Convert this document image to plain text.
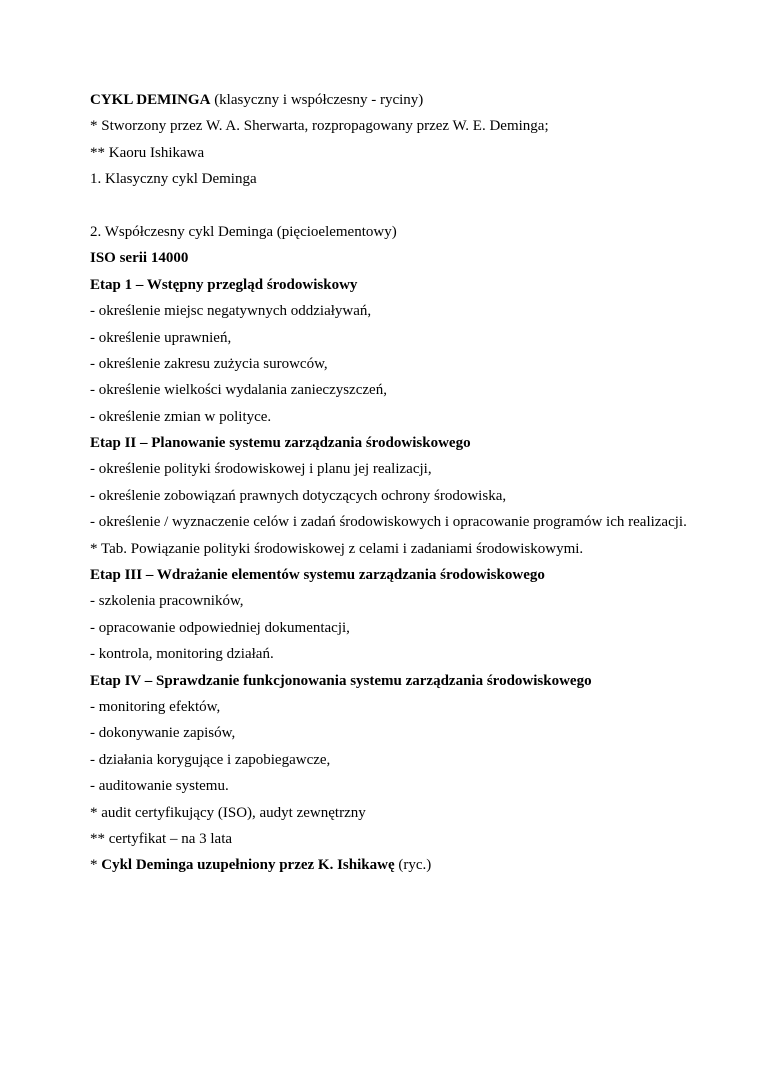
CYKL DEMINGA (klasyczny i współczesny - ryciny)
* Stworzony przez W. A. Sherwarta, rozpropagowany przez W. E. Deminga;
** Kaoru Ishikawa
1. Klasyczny cykl Deminga
2. Współczesny cykl Deminga (pięcioelementowy)
ISO serii 14000
Etap 1 – Wstępny przegląd środowiskowy
- określenie miejsc negatywnych oddziaływań,
- określenie uprawnień,
- określenie zakresu zużycia surowców,
- określenie wielkości wydalania zanieczyszczeń,
- określenie zmian w polityce.
Etap II – Planowanie systemu zarządzania środowiskowego
- określenie polityki środowiskowej i planu jej realizacji,
- określenie zobowiązań prawnych dotyczących ochrony środowiska,
- określenie / wyznaczenie celów i zadań środowiskowych i opracowanie programów ich realizacji.
* Tab. Powiązanie polityki środowiskowej z celami i zadaniami środowiskowymi.
Etap III – Wdrażanie elementów systemu zarządzania środowiskowego
- szkolenia pracowników,
- opracowanie odpowiedniej dokumentacji,
- kontrola, monitoring działań.
Etap IV – Sprawdzanie funkcjonowania systemu zarządzania środowiskowego
- monitoring efektów,
- dokonywanie zapisów,
- działania korygujące i zapobiegawcze,
- auditowanie systemu.
* audit certyfikujący (ISO), audyt zewnętrzny
** certyfikat – na 3 lata
* Cykl Deminga uzupełniony przez K. Ishikawę (ryc.)
